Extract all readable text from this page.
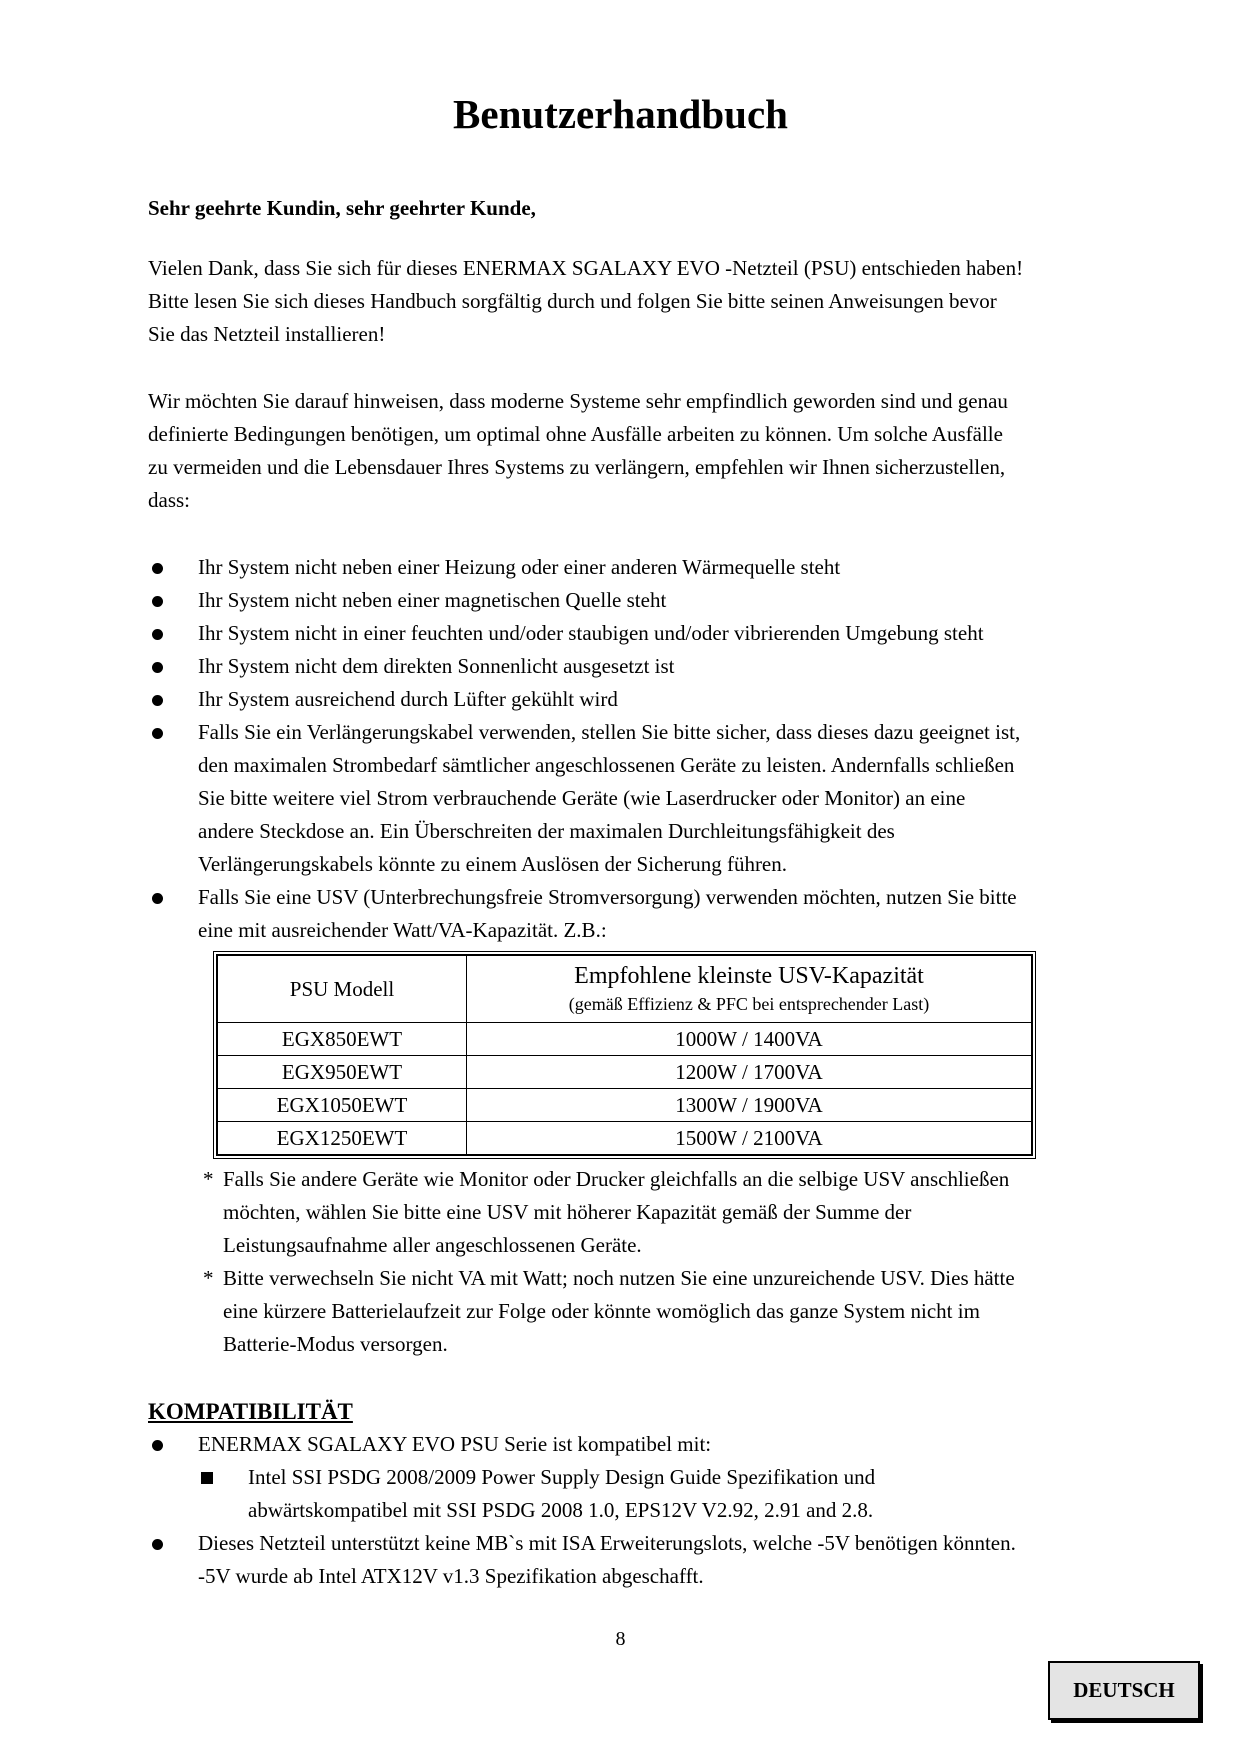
Benutzerhandbuch
Sehr geehrte Kundin, sehr geehrter Kunde,
Vielen Dank, dass Sie sich für dieses ENERMAX SGALAXY EVO -Netzteil (PSU) entschieden haben!
Bitte lesen Sie sich dieses Handbuch sorgfältig durch und folgen Sie bitte seinen Anweisungen bevor
Sie das Netzteil installieren!
Wir möchten Sie darauf hinweisen, dass moderne Systeme sehr empfindlich geworden sind und genau
definierte Bedingungen benötigen, um optimal ohne Ausfälle arbeiten zu können. Um solche Ausfälle
zu vermeiden und die Lebensdauer Ihres Systems zu verlängern, empfehlen wir Ihnen sicherzustellen,
dass:
Ihr System nicht neben einer Heizung oder einer anderen Wärmequelle steht
Ihr System nicht neben einer magnetischen Quelle steht
Ihr System nicht in einer feuchten und/oder staubigen und/oder vibrierenden Umgebung steht
Ihr System nicht dem direkten Sonnenlicht ausgesetzt ist
Ihr System ausreichend durch Lüfter gekühlt wird
Falls Sie ein Verlängerungskabel verwenden, stellen Sie bitte sicher, dass dieses dazu geeignet ist,
den maximalen Strombedarf sämtlicher angeschlossenen Geräte zu leisten. Andernfalls schließen
Sie bitte weitere viel Strom verbrauchende Geräte (wie Laserdrucker oder Monitor) an eine
andere Steckdose an. Ein Überschreiten der maximalen Durchleitungsfähigkeit des
Verlängerungskabels könnte zu einem Auslösen der Sicherung führen.
Falls Sie eine USV (Unterbrechungsfreie Stromversorgung) verwenden möchten, nutzen Sie bitte
eine mit ausreichender Watt/VA-Kapazität. Z.B.:
PSU Modell	Empfohlene kleinste USV-Kapazität
(gemäß Effizienz & PFC bei entsprechender Last)

EGX850EWT	1000W / 1400VA
EGX950EWT	1200W / 1700VA
EGX1050EWT	1300W / 1900VA
EGX1250EWT	1500W / 2100VA
* Falls Sie andere Geräte wie Monitor oder Drucker gleichfalls an die selbige USV anschließen
möchten, wählen Sie bitte eine USV mit höherer Kapazität gemäß der Summe der
Leistungsaufnahme aller angeschlossenen Geräte.
* Bitte verwechseln Sie nicht VA mit Watt; noch nutzen Sie eine unzureichende USV. Dies hätte
eine kürzere Batterielaufzeit zur Folge oder könnte womöglich das ganze System nicht im
Batterie-Modus versorgen.
KOMPATIBILITÄT
ENERMAX SGALAXY EVO PSU Serie ist kompatibel mit:
Intel SSI PSDG 2008/2009 Power Supply Design Guide Spezifikation und
abwärtskompatibel mit SSI PSDG 2008 1.0, EPS12V V2.92, 2.91 and 2.8.
Dieses Netzteil unterstützt keine MB`s mit ISA Erweiterungslots, welche -5V benötigen könnten.
-5V wurde ab Intel ATX12V v1.3 Spezifikation abgeschafft.
8
DEUTSCH
